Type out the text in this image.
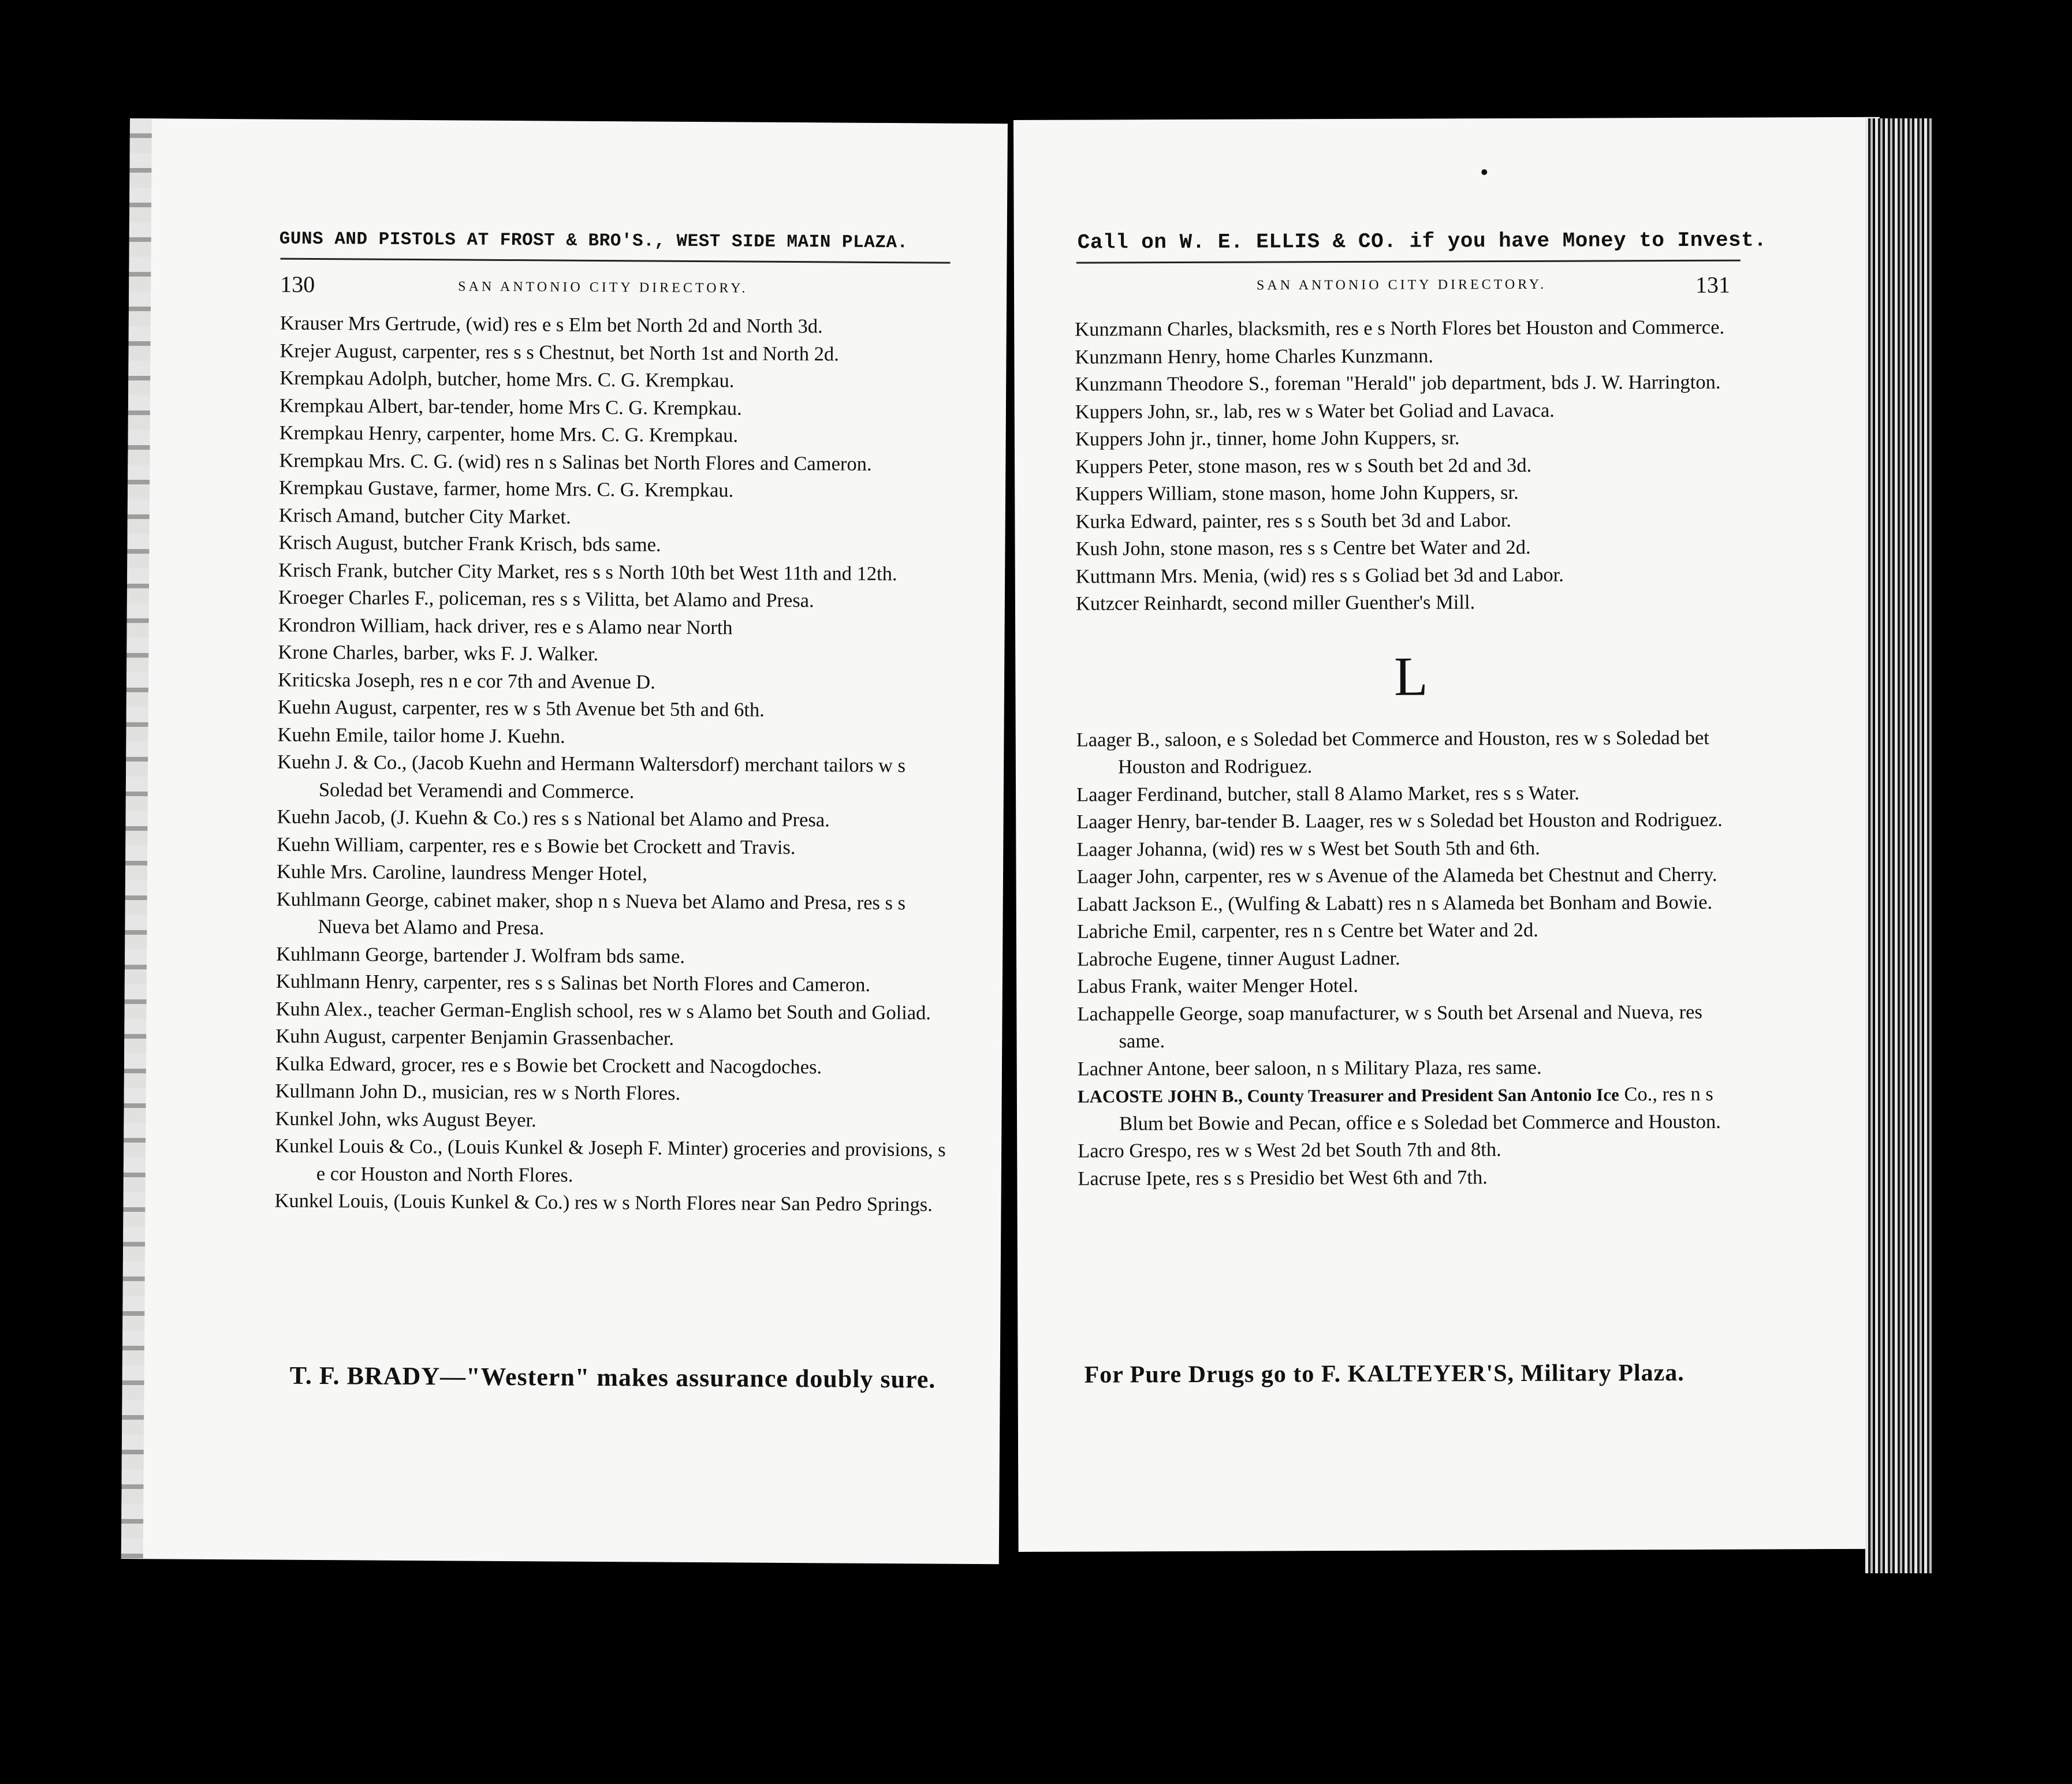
GUNS AND PISTOLS AT FROST & BRO'S., WEST SIDE MAIN PLAZA.
130	SAN ANTONIO CITY DIRECTORY.

Krauser Mrs Gertrude, (wid) res e s Elm bet North 2d and North 3d.

Krejer August, carpenter, res s s Chestnut, bet North 1st and North 2d.

Krempkau Adolph, butcher, home Mrs. C. G. Krempkau.

Krempkau Albert, bar-tender, home Mrs C. G. Krempkau.

Krempkau Henry, carpenter, home Mrs. C. G. Krempkau.

Krempkau Mrs. C. G. (wid) res n s Salinas bet North Flores and Cameron.

Krempkau Gustave, farmer, home Mrs. C. G. Krempkau.

Krisch Amand, butcher City Market.

Krisch August, butcher Frank Krisch, bds same.

Krisch Frank, butcher City Market, res s s North 10th bet West 11th and 12th.

Kroeger Charles F., policeman, res s s Vilitta, bet Alamo and Presa.

Krondron William, hack driver, res e s Alamo near North

Krone Charles, barber, wks F. J. Walker.

Kriticska Joseph, res n e cor 7th and Avenue D.

Kuehn August, carpenter, res w s 5th Avenue bet 5th and 6th.

Kuehn Emile, tailor home J. Kuehn.

Kuehn J. & Co., (Jacob Kuehn and Hermann Waltersdorf) merchant tailors w s Soledad bet Veramendi and Commerce.

Kuehn Jacob, (J. Kuehn & Co.) res s s National bet Alamo and Presa.

Kuehn William, carpenter, res e s Bowie bet Crockett and Travis.

Kuhle Mrs. Caroline, laundress Menger Hotel,

Kuhlmann George, cabinet maker, shop n s Nueva bet Alamo and Presa, res s s Nueva bet Alamo and Presa.

Kuhlmann George, bartender J. Wolfram bds same.

Kuhlmann Henry, carpenter, res s s Salinas bet North Flores and Cameron.

Kuhn Alex., teacher German-English school, res w s Alamo bet South and Goliad.

Kuhn August, carpenter Benjamin Grassenbacher.

Kulka Edward, grocer, res e s Bowie bet Crockett and Nacogdoches.

Kullmann John D., musician, res w s North Flores.

Kunkel John, wks August Beyer.

Kunkel Louis & Co., (Louis Kunkel & Joseph F. Minter) groceries and provisions, s e cor Houston and North Flores.

Kunkel Louis, (Louis Kunkel & Co.) res w s North Flores near San Pedro Springs.

T. F. BRADY—"Western" makes assurance doubly sure.
Call on W. E. ELLIS & CO. if you have Money to Invest.
SAN ANTONIO CITY DIRECTORY.	131

Kunzmann Charles, blacksmith, res e s North Flores bet Houston and Commerce.

Kunzmann Henry, home Charles Kunzmann.

Kunzmann Theodore S., foreman "Herald" job department, bds J. W. Harrington.

Kuppers John, sr., lab, res w s Water bet Goliad and Lavaca.

Kuppers John jr., tinner, home John Kuppers, sr.

Kuppers Peter, stone mason, res w s South bet 2d and 3d.

Kuppers William, stone mason, home John Kuppers, sr.

Kurka Edward, painter, res s s South bet 3d and Labor.

Kush John, stone mason, res s s Centre bet Water and 2d.

Kuttmann Mrs. Menia, (wid) res s s Goliad bet 3d and Labor.

Kutzcer Reinhardt, second miller Guenther's Mill.

L

Laager B., saloon, e s Soledad bet Commerce and Houston, res w s Soledad bet Houston and Rodriguez.

Laager Ferdinand, butcher, stall 8 Alamo Market, res s s Water.

Laager Henry, bar-tender B. Laager, res w s Soledad bet Houston and Rodriguez.

Laager Johanna, (wid) res w s West bet South 5th and 6th.

Laager John, carpenter, res w s Avenue of the Alameda bet Chestnut and Cherry.

Labatt Jackson E., (Wulfing & Labatt) res n s Alameda bet Bonham and Bowie.

Labriche Emil, carpenter, res n s Centre bet Water and 2d.

Labroche Eugene, tinner August Ladner.

Labus Frank, waiter Menger Hotel.

Lachappelle George, soap manufacturer, w s South bet Arsenal and Nueva, res same.

Lachner Antone, beer saloon, n s Military Plaza, res same.

LACOSTE JOHN B., County Treasurer and President San Antonio Ice Co., res n s Blum bet Bowie and Pecan, office e s Soledad bet Commerce and Houston.

Lacro Grespo, res w s West 2d bet South 7th and 8th.

Lacruse Ipete, res s s Presidio bet West 6th and 7th.

For Pure Drugs go to F. KALTEYER'S, Military Plaza.
